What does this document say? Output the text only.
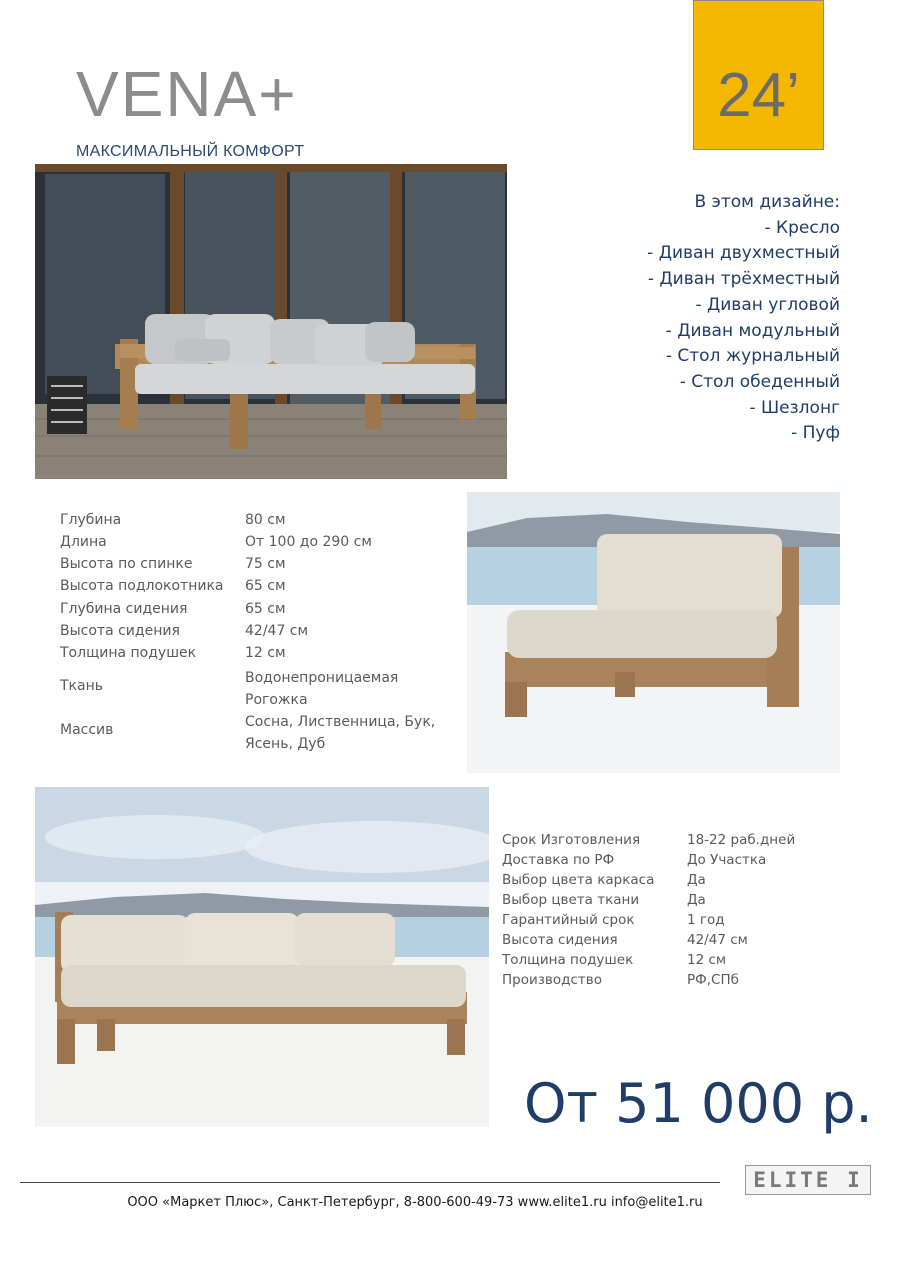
VENA+
МАКСИМАЛЬНЫЙ КОМФОРТ
24’
В этом дизайне:
- Кресло
- Диван двухместный
- Диван трёхместный
- Диван угловой
- Диван модульный
- Стол журнальный
- Стол обеденный
- Шезлонг
- Пуф
Глубина	80 см
Длина	От 100 до 290 см
Высота по спинке	75 см
Высота подлокотника 65 см
Глубина сидения	65 см
Высота сидения	42/47 см
Толщина подушек	12 см
Ткань	Водонепроницаемая
Рогожка
Массив	Сосна, Лиственница, Бук,
Ясень, Дуб
Срок Изготовления	18-22 раб.дней
Доставка по РФ	До Участка
Выбор цвета каркаса Да
Выбор цвета ткани	Да
Гарантийный срок	1 год
Высота сидения	42/47 см
Толщина подушек	12 см
Производство	РФ,СПб
От 51 000 р.
ELITE I
ООО «Маркет Плюс», Санкт-Петербург, 8-800-600-49-73 www.elite1.ru info@elite1.ru
